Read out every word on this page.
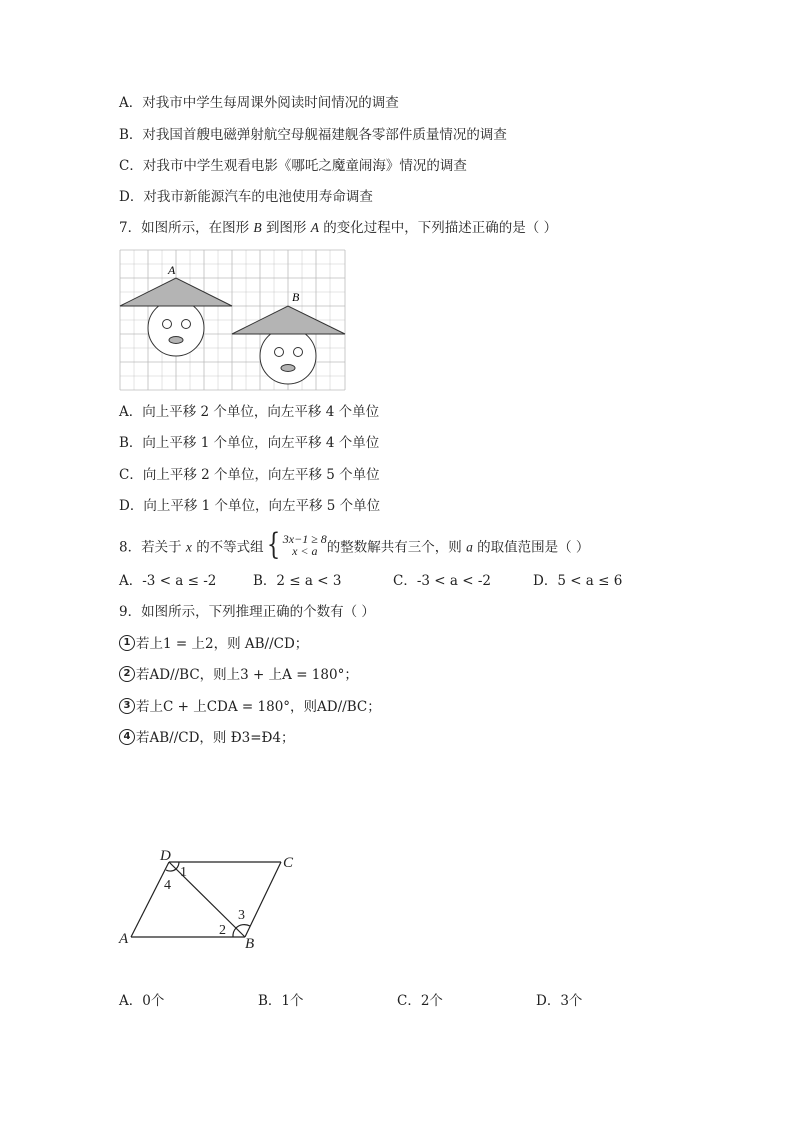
A．对我市中学生每周课外阅读时间情况的调查
B．对我国首艘电磁弹射航空母舰福建舰各零部件质量情况的调查
C．对我市中学生观看电影《哪吒之魔童闹海》情况的调查
D．对我市新能源汽车的电池使用寿命调查
7．如图所示，在图形 B 到图形 A 的变化过程中，下列描述正确的是（ ）
A
B
A．向上平移 2 个单位，向左平移 4 个单位
B．向上平移 1 个单位，向左平移 4 个单位
C．向上平移 2 个单位，向左平移 5 个单位
D．向上平移 1 个单位，向左平移 5 个单位
8．若关于 x 的不等式组{ 3x−1 ≥ 8
x < a 的整数解共有三个，则 a 的取值范围是（ ）
A．-3 < a ≤ -2	B．2 ≤ a < 3	C．-3 < a < -2	D．5 < a ≤ 6
9．如图所示，下列推理正确的个数有（ ）
1 若上1 = 上2，则 AB//CD；
2 若AD//BC，则上3 + 上A = 180°；
3 若上C + 上CDA = 180°，则AD//BC；
4 若AB//CD，则 Ð3=Ð4；
D	C
A	B
1
4
2
3
A．0个	B．1个	C．2个	D．3个
